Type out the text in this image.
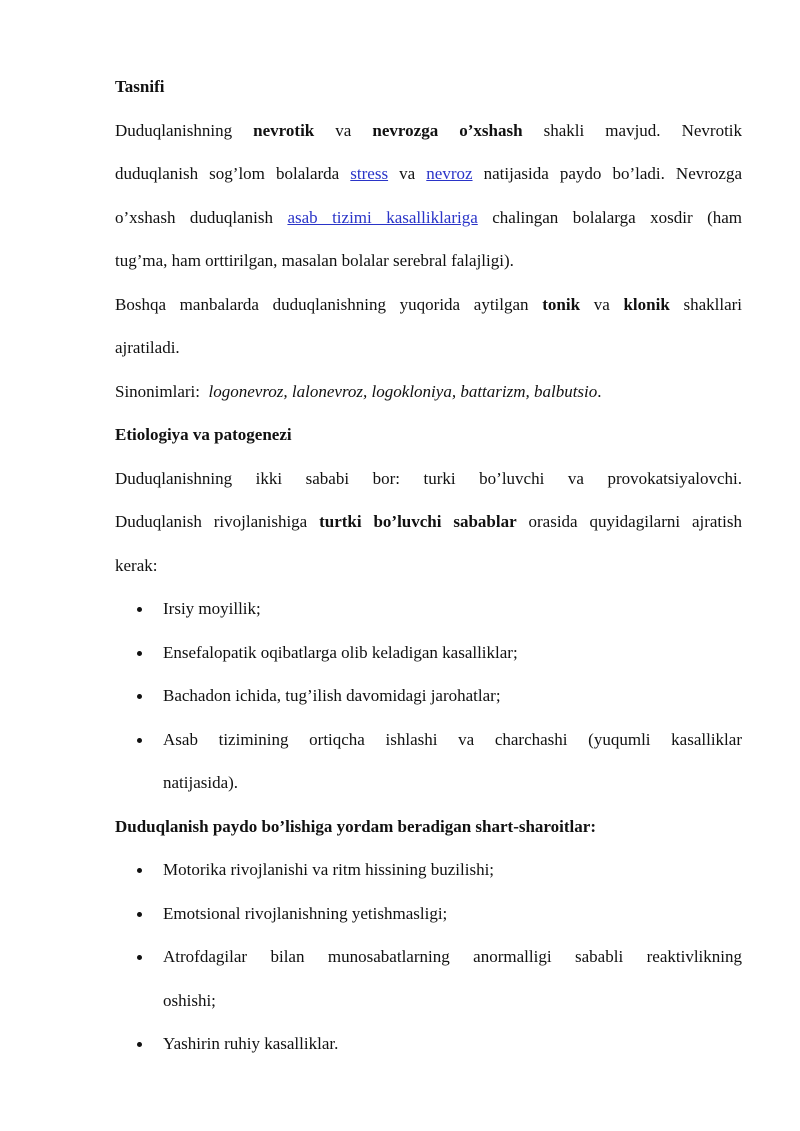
Tasnifi
Duduqlanishning nevrotik va nevrozga o’xshash shakli mavjud. Nevrotik
duduqlanish sog’lom bolalarda stress va nevroz natijasida paydo bo’ladi. Nevrozga
o’xshash duduqlanish asab tizimi kasalliklariga chalingan bolalarga xosdir (ham
tug’ma, ham orttirilgan, masalan bolalar serebral falajligi).
Boshqa manbalarda duduqlanishning yuqorida aytilgan tonik va klonik shakllari
ajratiladi.
Sinonimlari:  logonevroz, lalonevroz, logokloniya, battarizm, balbutsio.
Etiologiya va patogenezi
Duduqlanishning ikki sababi bor: turki bo’luvchi va provokatsiyalovchi.
Duduqlanish rivojlanishiga turtki bo’luvchi sabablar orasida quyidagilarni ajratish
kerak:
Irsiy moyillik;
Ensefalopatik oqibatlarga olib keladigan kasalliklar;
Bachadon ichida, tug’ilish davomidagi jarohatlar;
Asab tizimining ortiqcha ishlashi va charchashi (yuqumli kasalliklar
natijasida).
Duduqlanish paydo bo’lishiga yordam beradigan shart-sharoitlar:
Motorika rivojlanishi va ritm hissining buzilishi;
Emotsional rivojlanishning yetishmasligi;
Atrofdagilar bilan munosabatlarning anormalligi sababli reaktivlikning
oshishi;
Yashirin ruhiy kasalliklar.
